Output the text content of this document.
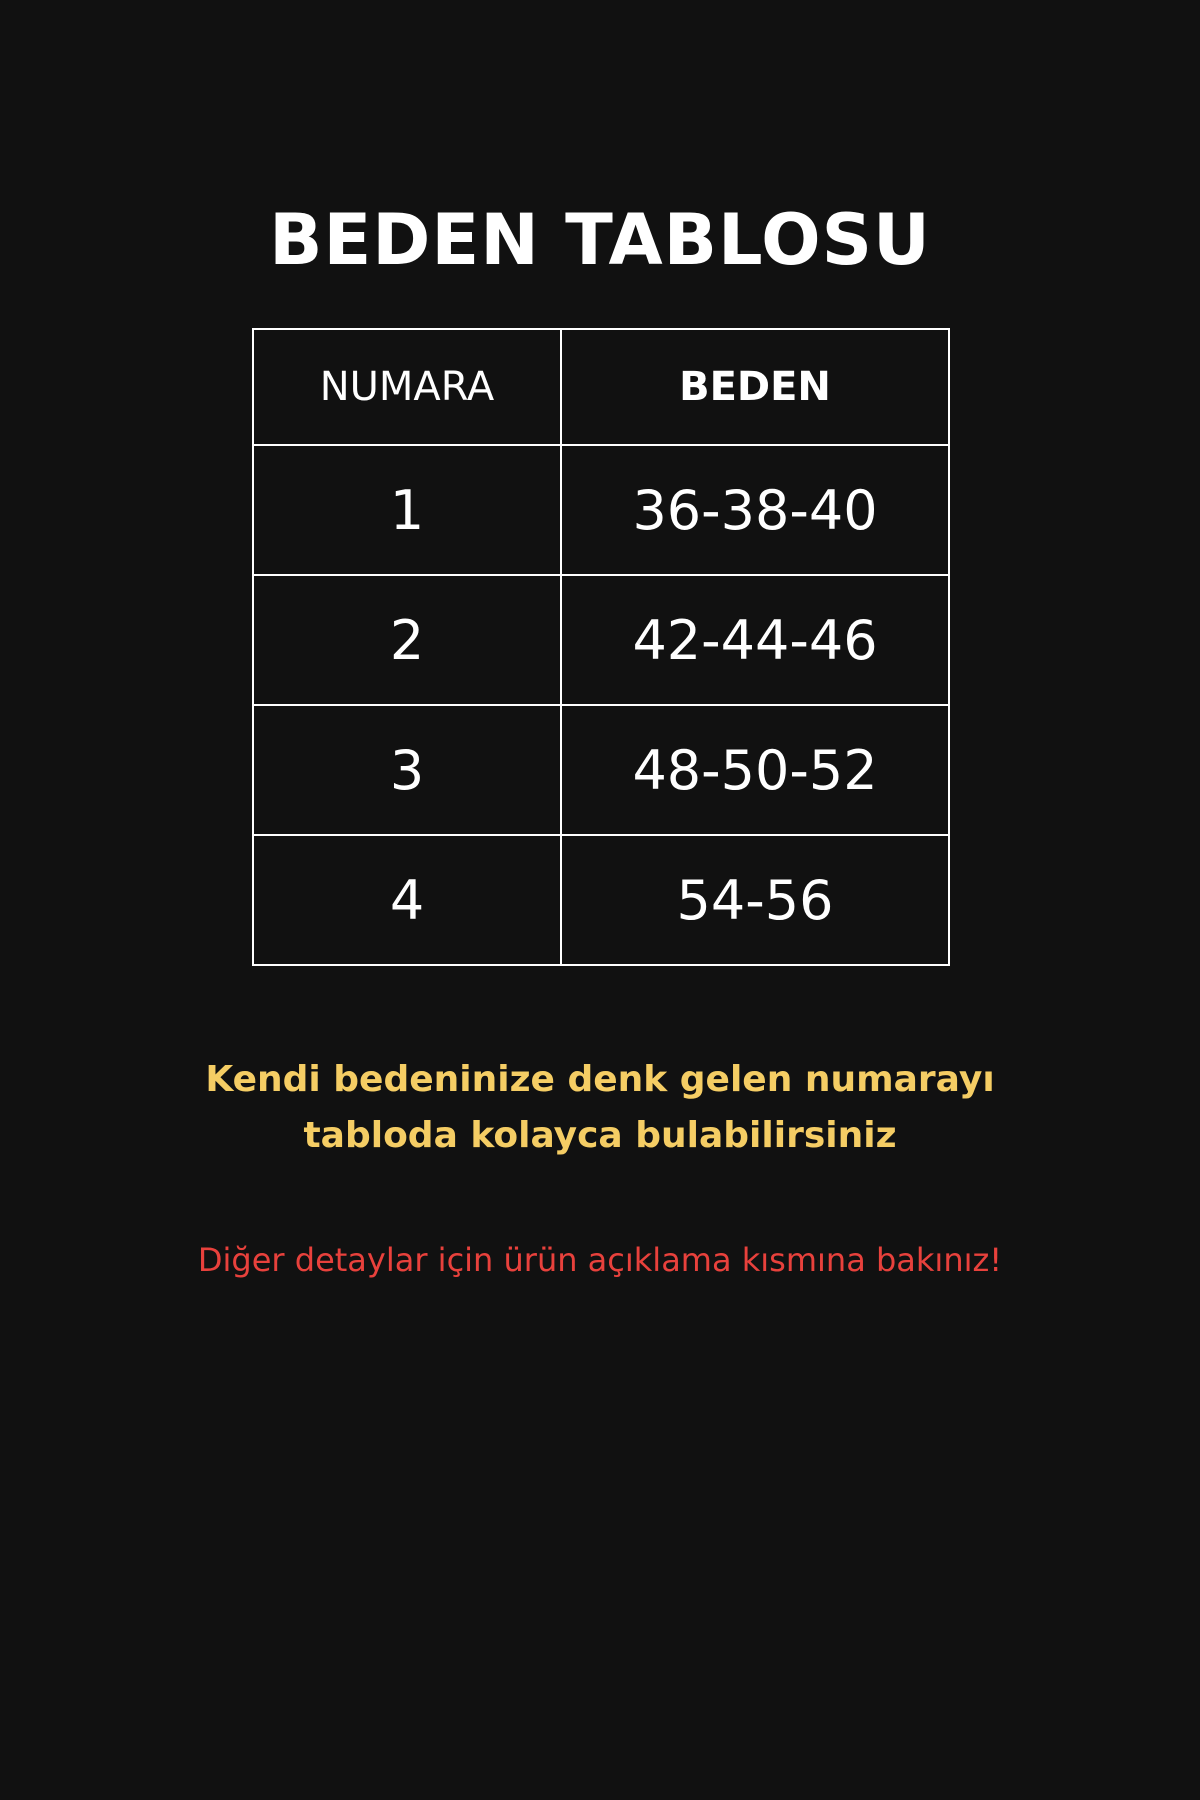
BEDEN TABLOSU
NUMARA	BEDEN
1	36-38-40
2	42-44-46
3	48-50-52
4	54-56
Kendi bedeninize denk gelen numarayı
tabloda kolayca bulabilirsiniz
Diğer detaylar için ürün açıklama kısmına bakınız!
